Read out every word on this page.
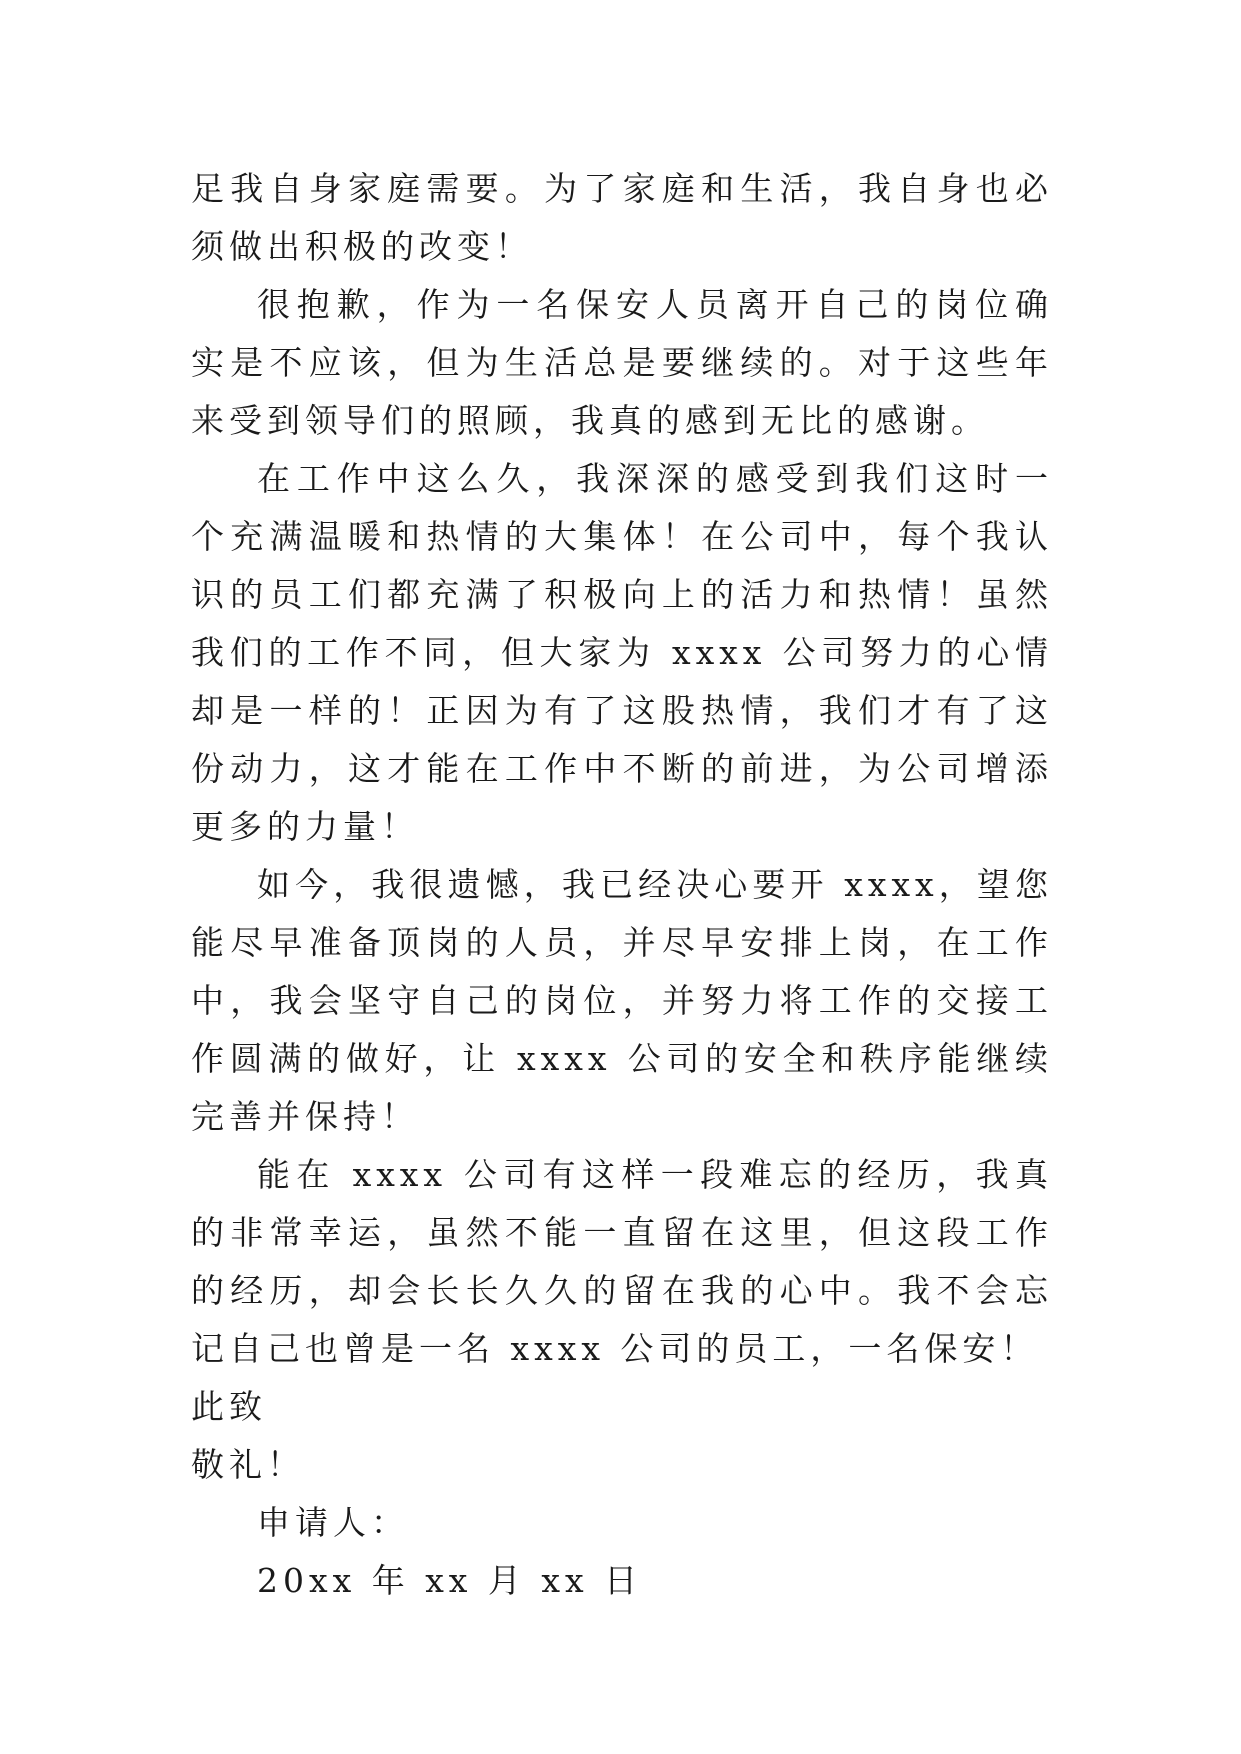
足我自身家庭需要。为了家庭和生活，我自身也必须做出积极的改变！

很抱歉，作为一名保安人员离开自己的岗位确实是不应该，但为生活总是要继续的。对于这些年来受到领导们的照顾，我真的感到无比的感谢。

在工作中这么久，我深深的感受到我们这时一个充满温暖和热情的大集体！在公司中，每个我认识的员工们都充满了积极向上的活力和热情！虽然我们的工作不同，但大家为 xxxx 公司努力的心情却是一样的！正因为有了这股热情，我们才有了这份动力，这才能在工作中不断的前进，为公司增添更多的力量！

如今，我很遗憾，我已经决心要开 xxxx，望您能尽早准备顶岗的人员，并尽早安排上岗，在工作中，我会坚守自己的岗位，并努力将工作的交接工作圆满的做好，让 xxxx 公司的安全和秩序能继续完善并保持！

能在 xxxx 公司有这样一段难忘的经历，我真的非常幸运，虽然不能一直留在这里，但这段工作的经历，却会长长久久的留在我的心中。我不会忘记自己也曾是一名 xxxx 公司的员工，一名保安！

此致

敬礼！

申请人：

20xx 年 xx 月 xx 日
